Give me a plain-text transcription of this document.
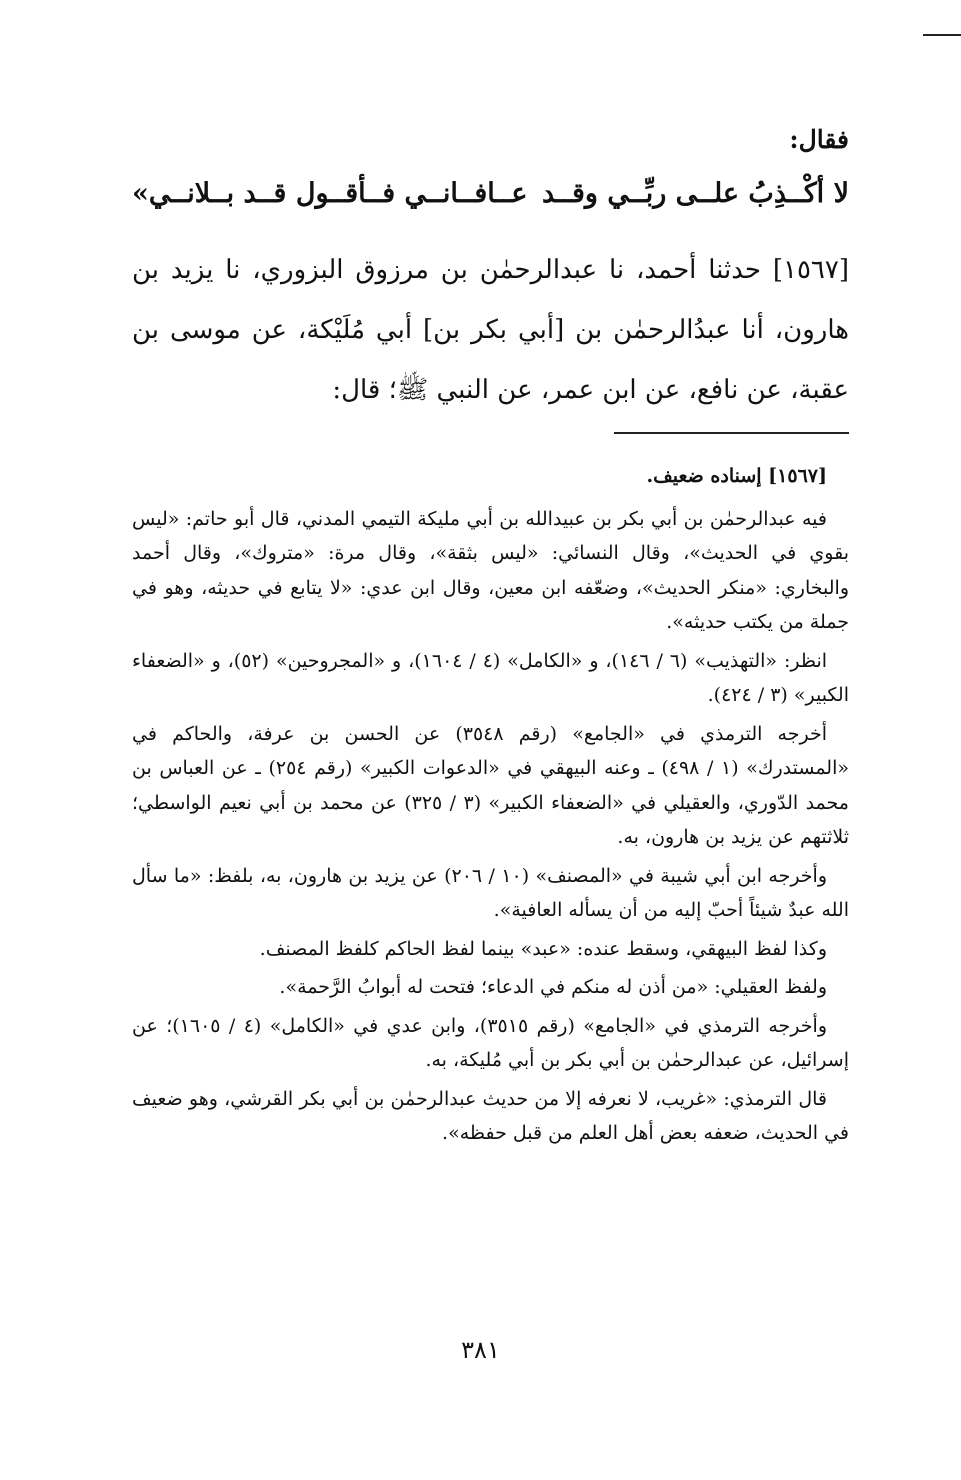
فقال:

لا أكْــذِبُ علــى ربِّــي وقــد
عــافــانــي فــأقــول قــد بــلانــي»

[١٥٦٧] حدثنا أحمد، نا عبدالرحمٰن بن مرزوق البزوري، نا يزيد بن هارون، أنا عبدُالرحمٰن بن [أبي بكر بن] أبي مُلَيْكة، عن موسى بن عقبة، عن نافع، عن ابن عمر، عن النبي ﷺ؛ قال:

[١٥٦٧] إسناده ضعيف.

فيه عبدالرحمٰن بن أبي بكر بن عبيدالله بن أبي مليكة التيمي المدني، قال أبو حاتم: «ليس بقوي في الحديث»، وقال النسائي: «ليس بثقة»، وقال مرة: «متروك»، وقال أحمد والبخاري: «منكر الحديث»، وضعّفه ابن معين، وقال ابن عدي: «لا يتابع في حديثه، وهو في جملة من يكتب حديثه».

انظر: «التهذيب» (٦ / ١٤٦)، و «الكامل» (٤ / ١٦٠٤)، و «المجروحين» (٥٢)، و «الضعفاء الكبير» (٣ / ٤٢٤).

أخرجه الترمذي في «الجامع» (رقم ٣٥٤٨) عن الحسن بن عرفة، والحاكم في «المستدرك» (١ / ٤٩٨) ـ وعنه البيهقي في «الدعوات الكبير» (رقم ٢٥٤) ـ عن العباس بن محمد الدّوري، والعقيلي في «الضعفاء الكبير» (٣ / ٣٢٥) عن محمد بن أبي نعيم الواسطي؛ ثلاثتهم عن يزيد بن هارون، به.

وأخرجه ابن أبي شيبة في «المصنف» (١٠ / ٢٠٦) عن يزيد بن هارون، به، بلفظ: «ما سأل الله عبدٌ شيئاً أحبّ إليه من أن يسأله العافية».

وكذا لفظ البيهقي، وسقط عنده: «عبد» بينما لفظ الحاكم كلفظ المصنف.

ولفظ العقيلي: «من أذن له منكم في الدعاء؛ فتحت له أبوابُ الرَّحمة».

وأخرجه الترمذي في «الجامع» (رقم ٣٥١٥)، وابن عدي في «الكامل» (٤ / ١٦٠٥)؛ عن إسرائيل، عن عبدالرحمٰن بن أبي بكر بن أبي مُليكة، به.

قال الترمذي: «غريب، لا نعرفه إلا من حديث عبدالرحمٰن بن أبي بكر القرشي، وهو ضعيف في الحديث، ضعفه بعض أهل العلم من قبل حفظه».

٣٨١
